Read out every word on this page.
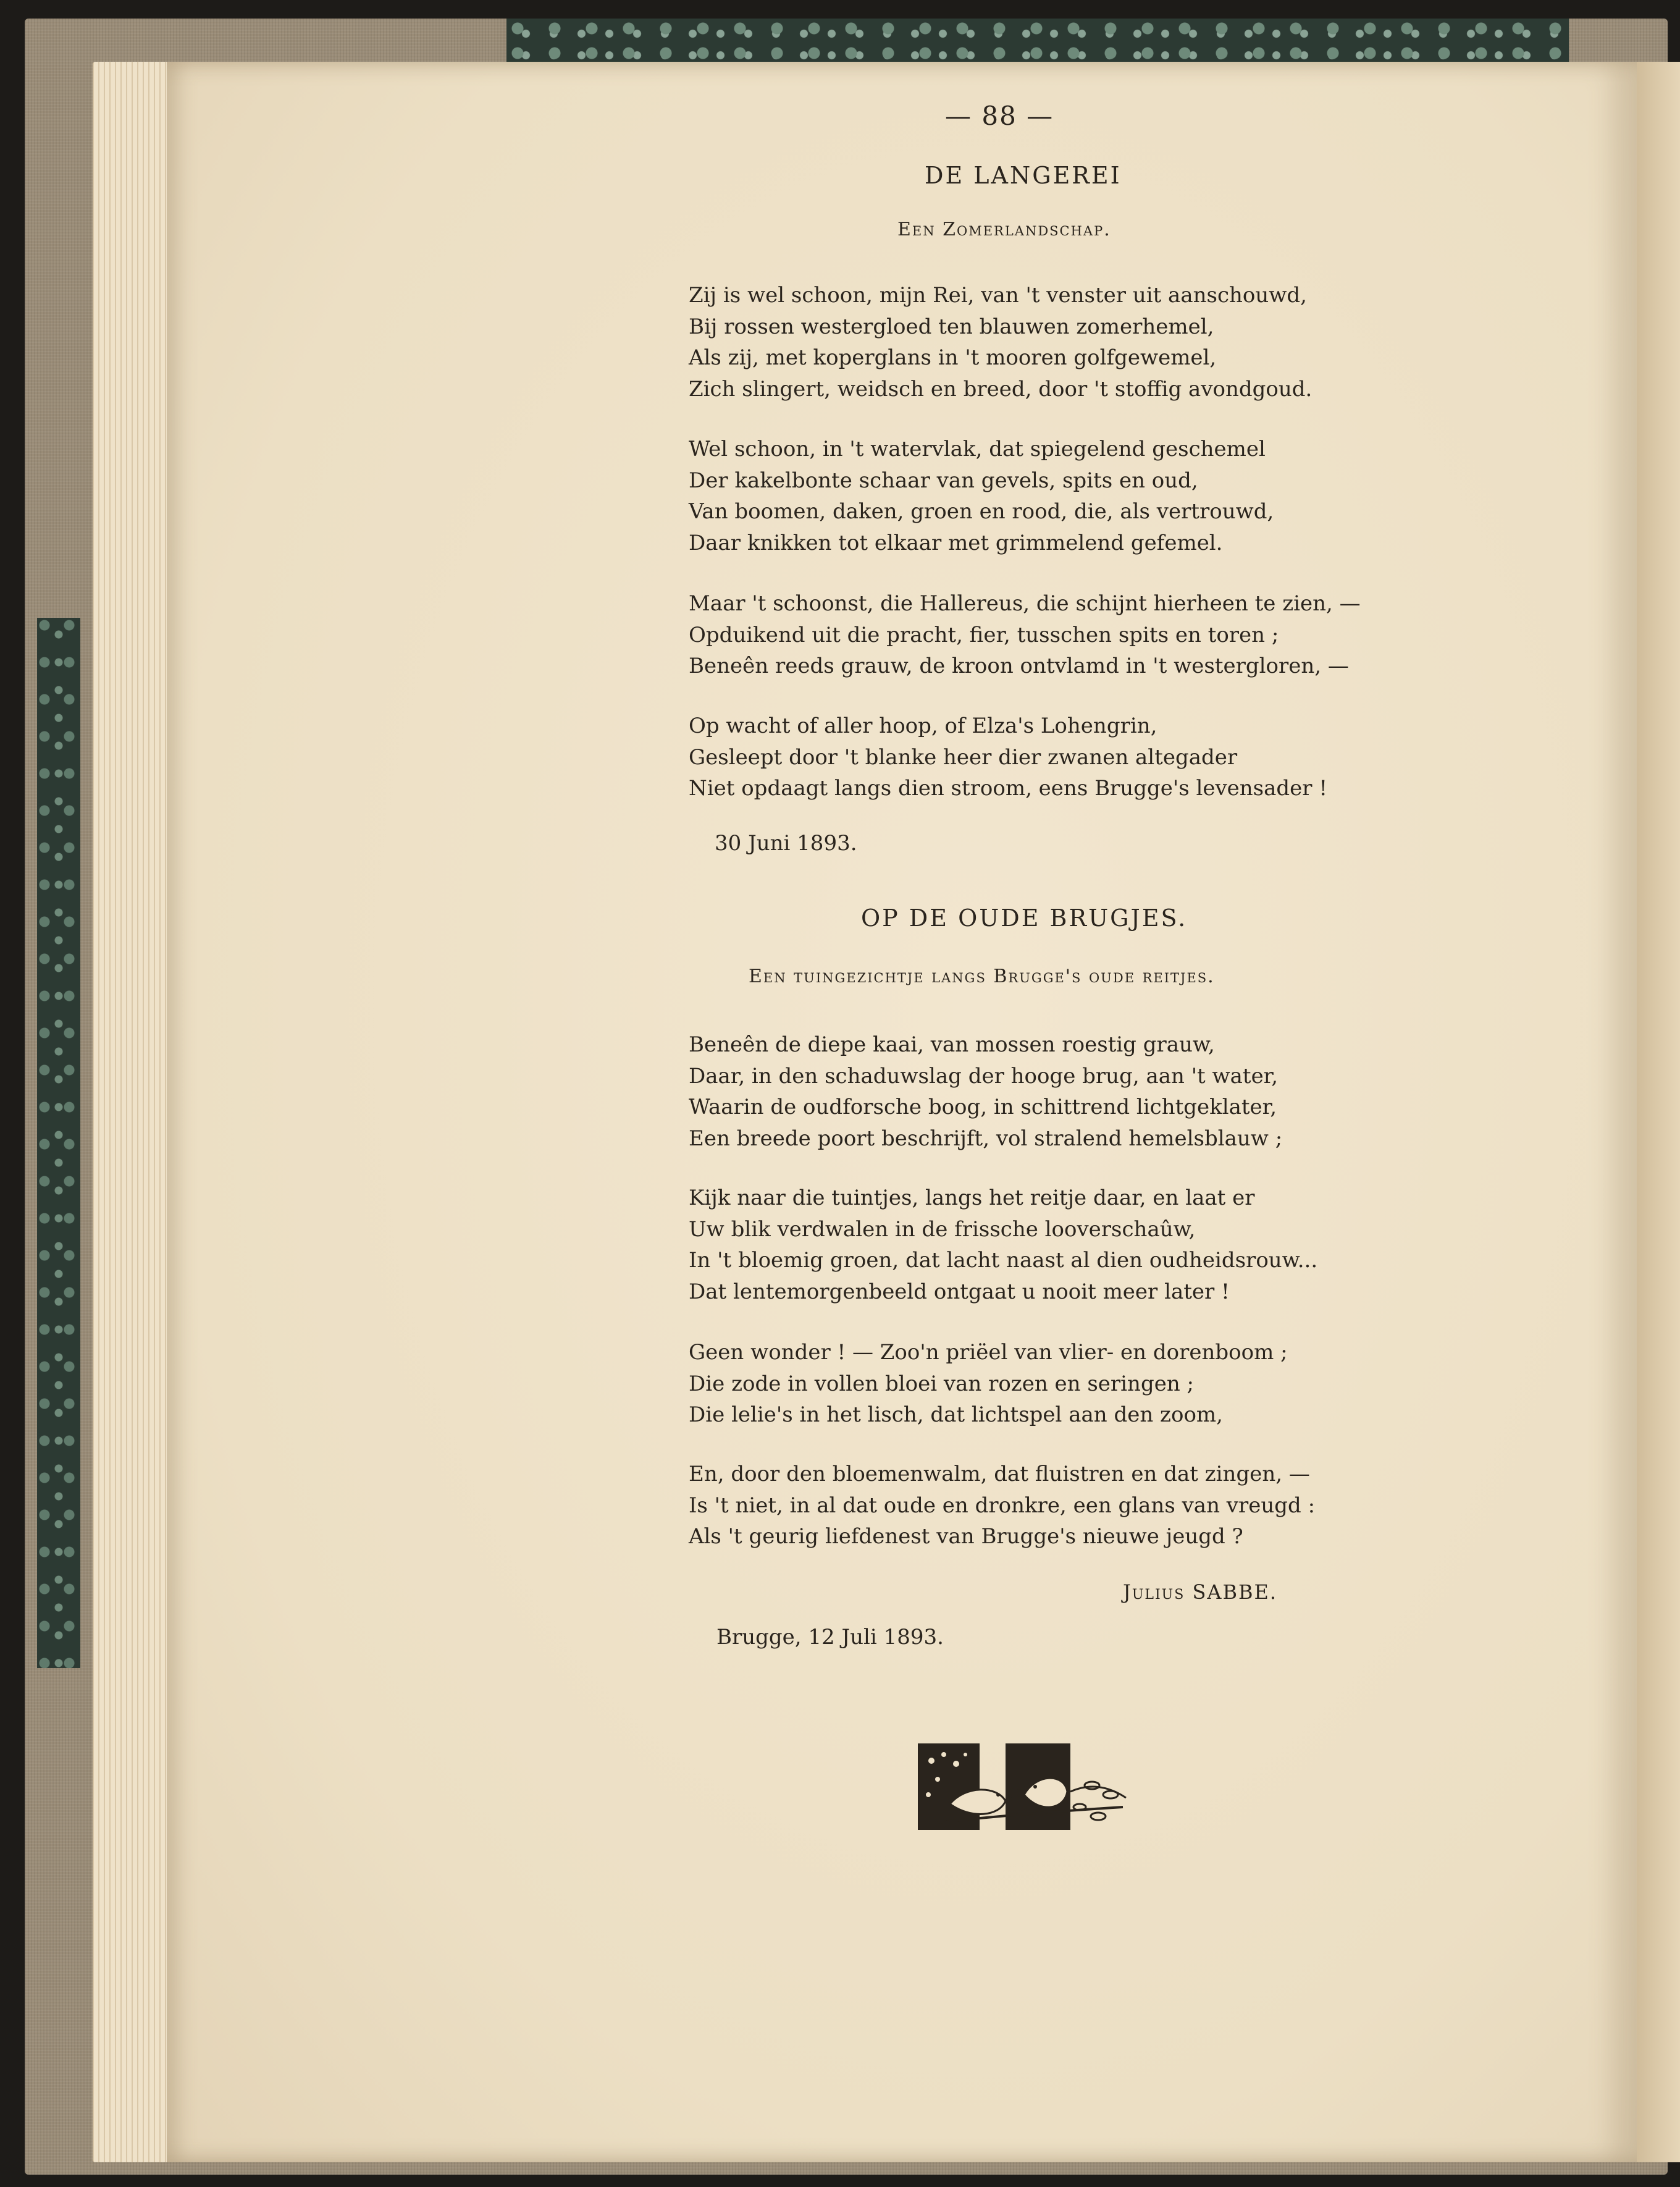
— 88 —
DE LANGEREI
Een Zomerlandschap.
Zij is wel schoon, mijn Rei, van 't venster uit aanschouwd,
Bij rossen westergloed ten blauwen zomerhemel,
Als zij, met koperglans in 't mooren golfgewemel,
Zich slingert, weidsch en breed, door 't stoffig avondgoud.
Wel schoon, in 't watervlak, dat spiegelend geschemel
Der kakelbonte schaar van gevels, spits en oud,
Van boomen, daken, groen en rood, die, als vertrouwd,
Daar knikken tot elkaar met grimmelend gefemel.
Maar 't schoonst, die Hallereus, die schijnt hierheen te zien, —
Opduikend uit die pracht, fier, tusschen spits en toren ;
Beneên reeds grauw, de kroon ontvlamd in 't westergloren, —
Op wacht of aller hoop, of Elza's Lohengrin,
Gesleept door 't blanke heer dier zwanen altegader
Niet opdaagt langs dien stroom, eens Brugge's levensader !
30 Juni 1893.
OP DE OUDE BRUGJES.
Een tuingezichtje langs Brugge's oude reitjes.
Beneên de diepe kaai, van mossen roestig grauw,
Daar, in den schaduwslag der hooge brug, aan 't water,
Waarin de oudforsche boog, in schittrend lichtgeklater,
Een breede poort beschrijft, vol stralend hemelsblauw ;
Kijk naar die tuintjes, langs het reitje daar, en laat er
Uw blik verdwalen in de frissche looverschaûw,
In 't bloemig groen, dat lacht naast al dien oudheidsrouw...
Dat lentemorgenbeeld ontgaat u nooit meer later !
Geen wonder ! — Zoo'n priëel van vlier- en dorenboom ;
Die zode in vollen bloei van rozen en seringen ;
Die lelie's in het lisch, dat lichtspel aan den zoom,
En, door den bloemenwalm, dat fluistren en dat zingen, —
Is 't niet, in al dat oude en dronkre, een glans van vreugd :
Als 't geurig liefdenest van Brugge's nieuwe jeugd ?
Julius SABBE.
Brugge, 12 Juli 1893.
